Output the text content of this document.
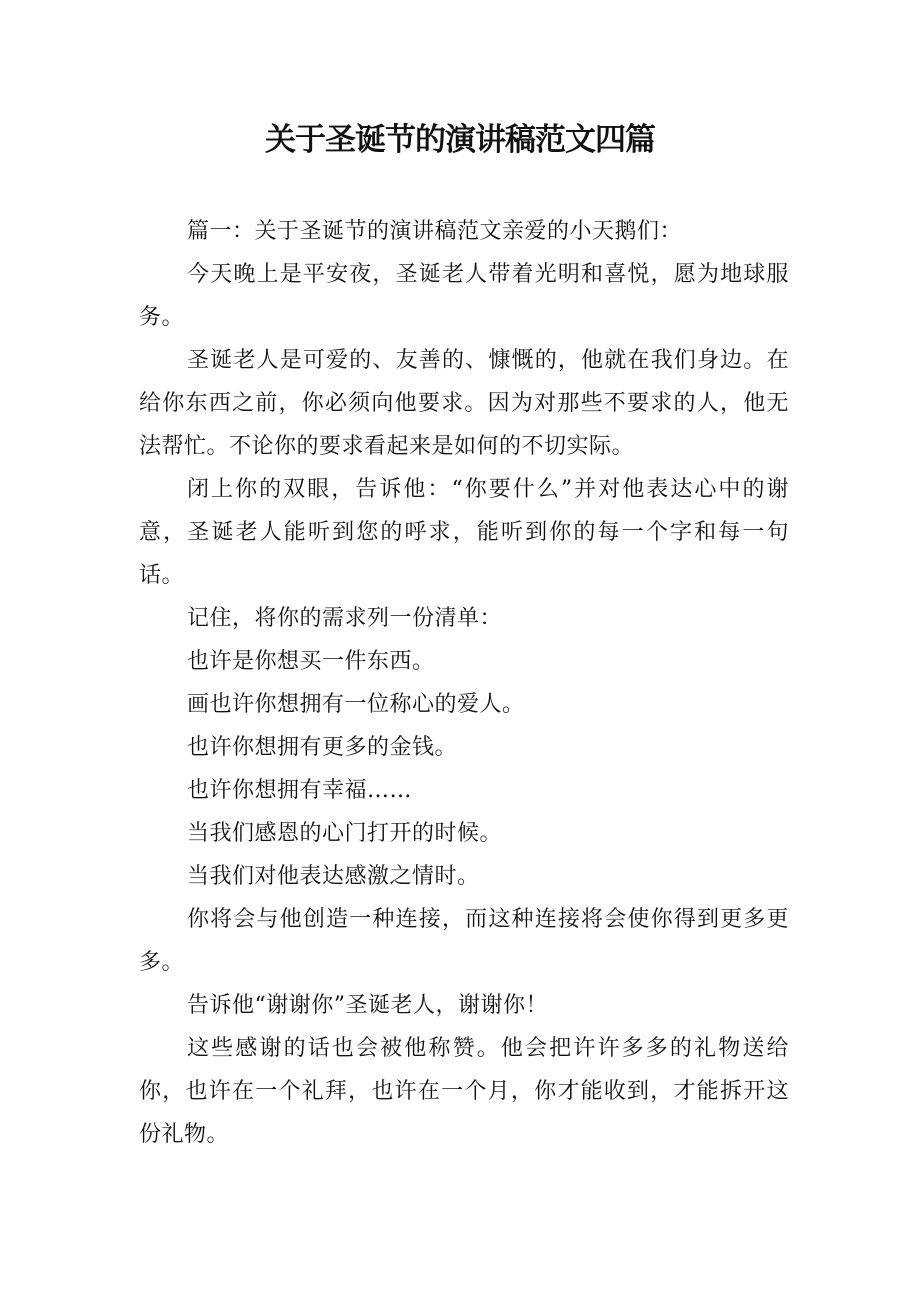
关于圣诞节的演讲稿范文四篇

篇一：关于圣诞节的演讲稿范文亲爱的小天鹅们：

今天晚上是平安夜，圣诞老人带着光明和喜悦，愿为地球服务。

圣诞老人是可爱的、友善的、慷慨的，他就在我们身边。在给你东西之前，你必须向他要求。因为对那些不要求的人，他无法帮忙。不论你的要求看起来是如何的不切实际。

闭上你的双眼，告诉他：“你要什么”并对他表达心中的谢意，圣诞老人能听到您的呼求，能听到你的每一个字和每一句话。

记住，将你的需求列一份清单：

也许是你想买一件东西。

画也许你想拥有一位称心的爱人。

也许你想拥有更多的金钱。

也许你想拥有幸福……

当我们感恩的心门打开的时候。

当我们对他表达感激之情时。

你将会与他创造一种连接，而这种连接将会使你得到更多更多。

告诉他“谢谢你”圣诞老人，谢谢你！

这些感谢的话也会被他称赞。他会把许许多多的礼物送给你，也许在一个礼拜，也许在一个月，你才能收到，才能拆开这份礼物。
